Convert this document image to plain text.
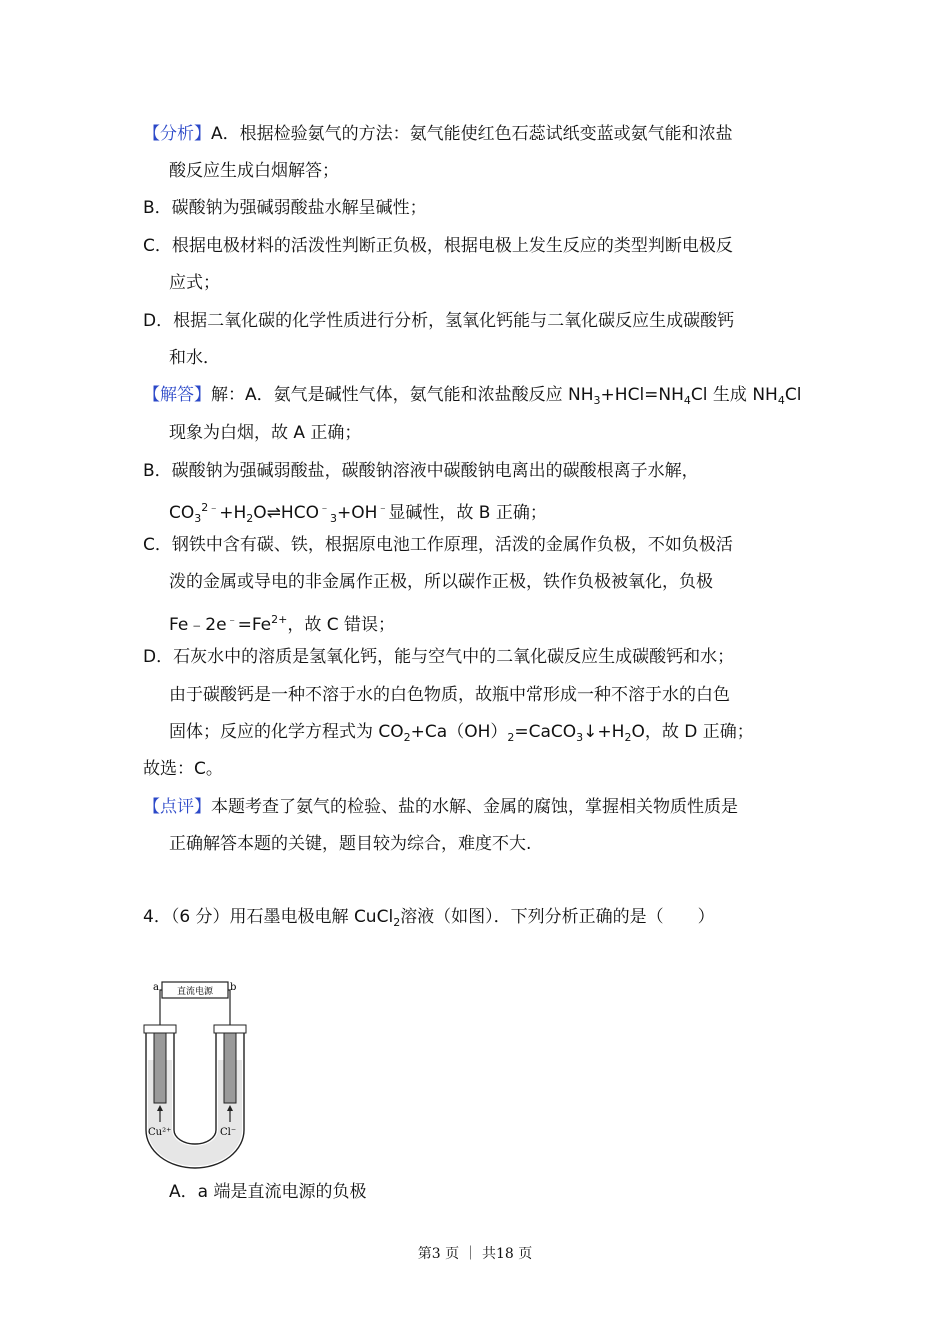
【分析】A．根据检验氨气的方法：氨气能使红色石蕊试纸变蓝或氨气能和浓盐
酸反应生成白烟解答；
B．碳酸钠为强碱弱酸盐水解呈碱性；
C．根据电极材料的活泼性判断正负极，根据电极上发生反应的类型判断电极反
应式；
D．根据二氧化碳的化学性质进行分析，氢氧化钙能与二氧化碳反应生成碳酸钙
和水．
【解答】解：A．氨气是碱性气体，氨气能和浓盐酸反应 $NH_3+HCl=NH_4Cl$ 生成 $NH_4Cl$
现象为白烟，故 A 正确；
B．碳酸钠为强碱弱酸盐，碳酸钠溶液中碳酸钠电离出的碳酸根离子水解，
$CO_3^{2﹣}+H_2O\rightleftharpoons HCO^﹣_3+OH^﹣$显碱性，故 B 正确；
C．钢铁中含有碳、铁，根据原电池工作原理，活泼的金属作负极，不如负极活
泼的金属或导电的非金属作正极，所以碳作正极，铁作负极被氧化，负极
$Fe﹣2e^﹣=Fe^{2+}$，故 C 错误；
D．石灰水中的溶质是氢氧化钙，能与空气中的二氧化碳反应生成碳酸钙和水；
由于碳酸钙是一种不溶于水的白色物质，故瓶中常形成一种不溶于水的白色
固体；反应的化学方程式为 $CO_2+Ca(OH)_2=CaCO_3↓+H_2O$，故 D 正确；
故选：C。
【点评】本题考查了氨气的检验、盐的水解、金属的腐蚀，掌握相关物质性质是
正确解答本题的关键，题目较为综合，难度不大.
4．（6 分）用石墨电极电解 CuCl$_2$溶液（如图）．下列分析正确的是（　　）
直流电源
a	b
Cu²⁺	Cl⁻
A．a 端是直流电源的负极
第3 页 ｜ 共18 页
